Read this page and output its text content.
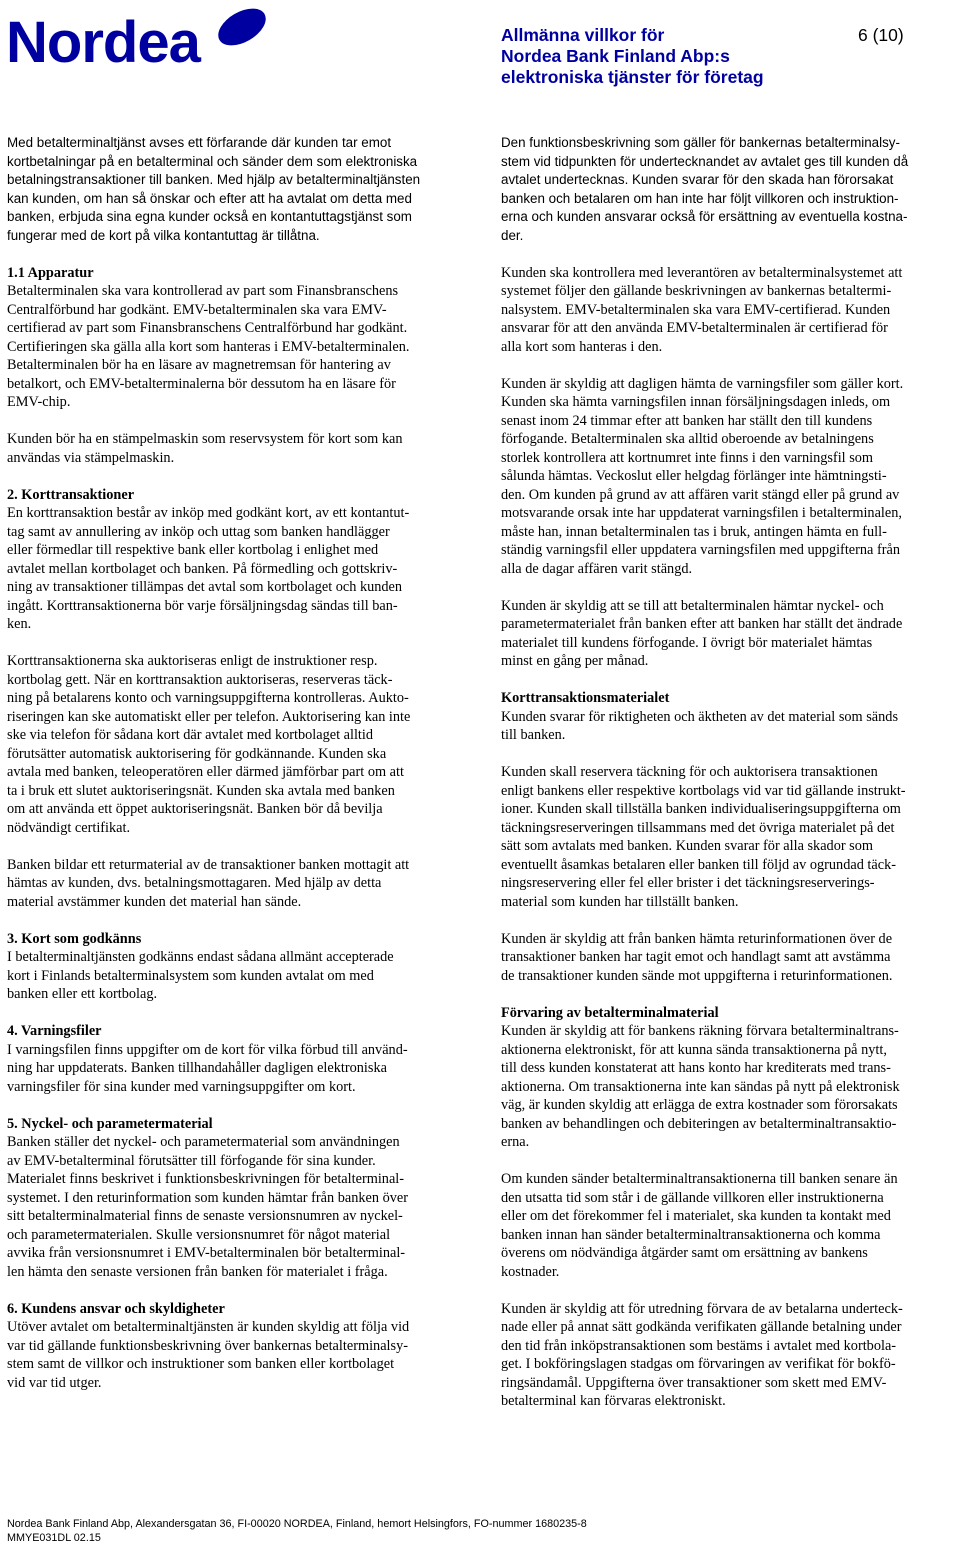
Nordea	Allmänna villkor för
Nordea Bank Finland Abp:s
elektroniska tjänster för företag
6 (10)
Med betalterminaltjänst avses ett förfarande där kunden tar emot
kortbetalningar på en betalterminal och sänder dem som elektroniska
betalningstransaktioner till banken. Med hjälp av betalterminaltjänsten
kan kunden, om han så önskar och efter att ha avtalat om detta med
banken, erbjuda sina egna kunder också en kontantuttagstjänst som
fungerar med de kort på vilka kontantuttag är tillåtna.
1.1 Apparatur
Betalterminalen ska vara kontrollerad av part som Finansbranschens
Centralförbund har godkänt. EMV-betalterminalen ska vara EMV-
certifierad av part som Finansbranschens Centralförbund har godkänt.
Certifieringen ska gälla alla kort som hanteras i EMV-betalterminalen.
Betalterminalen bör ha en läsare av magnetremsan för hantering av
betalkort, och EMV-betalterminalerna bör dessutom ha en läsare för
EMV-chip.
Kunden bör ha en stämpelmaskin som reservsystem för kort som kan
användas via stämpelmaskin.
2. Korttransaktioner
En korttransaktion består av inköp med godkänt kort, av ett kontantut-
tag samt av annullering av inköp och uttag som banken handlägger
eller förmedlar till respektive bank eller kortbolag i enlighet med
avtalet mellan kortbolaget och banken. På förmedling och gottskriv-
ning av transaktioner tillämpas det avtal som kortbolaget och kunden
ingått. Korttransaktionerna bör varje försäljningsdag sändas till ban-
ken.
Korttransaktionerna ska auktoriseras enligt de instruktioner resp.
kortbolag gett. När en korttransaktion auktoriseras, reserveras täck-
ning på betalarens konto och varningsuppgifterna kontrolleras. Aukto-
riseringen kan ske automatiskt eller per telefon. Auktorisering kan inte
ske via telefon för sådana kort där avtalet med kortbolaget alltid
förutsätter automatisk auktorisering för godkännande. Kunden ska
avtala med banken, teleoperatören eller därmed jämförbar part om att
ta i bruk ett slutet auktoriseringsnät. Kunden ska avtala med banken
om att använda ett öppet auktoriseringsnät. Banken bör då bevilja
nödvändigt certifikat.
Banken bildar ett returmaterial av de transaktioner banken mottagit att
hämtas av kunden, dvs. betalningsmottagaren. Med hjälp av detta
material avstämmer kunden det material han sände.
3. Kort som godkänns
I betalterminaltjänsten godkänns endast sådana allmänt accepterade
kort i Finlands betalterminalsystem som kunden avtalat om med
banken eller ett kortbolag.
4. Varningsfiler
I varningsfilen finns uppgifter om de kort för vilka förbud till använd-
ning har uppdaterats. Banken tillhandahåller dagligen elektroniska
varningsfiler för sina kunder med varningsuppgifter om kort.
5. Nyckel- och parametermaterial
Banken ställer det nyckel- och parametermaterial som användningen
av EMV-betalterminal förutsätter till förfogande för sina kunder.
Materialet finns beskrivet i funktionsbeskrivningen för betalterminal-
systemet. I den returinformation som kunden hämtar från banken över
sitt betalterminalmaterial finns de senaste versionsnumren av nyckel-
och parametermaterialen. Skulle versionsnumret för något material
avvika från versionsnumret i EMV-betalterminalen bör betalterminal-
len hämta den senaste versionen från banken för materialet i fråga.
6. Kundens ansvar och skyldigheter
Utöver avtalet om betalterminaltjänsten är kunden skyldig att följa vid
var tid gällande funktionsbeskrivning över bankernas betalterminalsy-
stem samt de villkor och instruktioner som banken eller kortbolaget
vid var tid utger.
Den funktionsbeskrivning som gäller för bankernas betalterminalsy-
stem vid tidpunkten för undertecknandet av avtalet ges till kunden då
avtalet undertecknas. Kunden svarar för den skada han förorsakat
banken och betalaren om han inte har följt villkoren och instruktion-
erna och kunden ansvarar också för ersättning av eventuella kostna-
der.
Kunden ska kontrollera med leverantören av betalterminalsystemet att
systemet följer den gällande beskrivningen av bankernas betaltermi-
nalsystem. EMV-betalterminalen ska vara EMV-certifierad. Kunden
ansvarar för att den använda EMV-betalterminalen är certifierad för
alla kort som hanteras i den.
Kunden är skyldig att dagligen hämta de varningsfiler som gäller kort.
Kunden ska hämta varningsfilen innan försäljningsdagen inleds, om
senast inom 24 timmar efter att banken har ställt den till kundens
förfogande. Betalterminalen ska alltid oberoende av betalningens
storlek kontrollera att kortnumret inte finns i den varningsfil som
sålunda hämtas. Veckoslut eller helgdag förlänger inte hämtningsti-
den. Om kunden på grund av att affären varit stängd eller på grund av
motsvarande orsak inte har uppdaterat varningsfilen i betalterminalen,
måste han, innan betalterminalen tas i bruk, antingen hämta en full-
ständig varningsfil eller uppdatera varningsfilen med uppgifterna från
alla de dagar affären varit stängd.
Kunden är skyldig att se till att betalterminalen hämtar nyckel- och
parametermaterialet från banken efter att banken har ställt det ändrade
materialet till kundens förfogande. I övrigt bör materialet hämtas
minst en gång per månad.
Korttransaktionsmaterialet
Kunden svarar för riktigheten och äktheten av det material som sänds
till banken.
Kunden skall reservera täckning för och auktorisera transaktionen
enligt bankens eller respektive kortbolags vid var tid gällande instrukt-
ioner. Kunden skall tillställa banken individualiseringsuppgifterna om
täckningsreserveringen tillsammans med det övriga materialet på det
sätt som avtalats med banken. Kunden svarar för alla skador som
eventuellt åsamkas betalaren eller banken till följd av ogrundad täck-
ningsreservering eller fel eller brister i det täckningsreserverings-
material som kunden har tillställt banken.
Kunden är skyldig att från banken hämta returinformationen över de
transaktioner banken har tagit emot och handlagt samt att avstämma
de transaktioner kunden sände mot uppgifterna i returinformationen.
Förvaring av betalterminalmaterial
Kunden är skyldig att för bankens räkning förvara betalterminaltrans-
aktionerna elektroniskt, för att kunna sända transaktionerna på nytt,
till dess kunden konstaterat att hans konto har krediterats med trans-
aktionerna. Om transaktionerna inte kan sändas på nytt på elektronisk
väg, är kunden skyldig att erlägga de extra kostnader som förorsakats
banken av behandlingen och debiteringen av betalterminaltransaktio-
erna.
Om kunden sänder betalterminaltransaktionerna till banken senare än
den utsatta tid som står i de gällande villkoren eller instruktionerna
eller om det förekommer fel i materialet, ska kunden ta kontakt med
banken innan han sänder betalterminaltransaktionerna och komma
överens om nödvändiga åtgärder samt om ersättning av bankens
kostnader.
Kunden är skyldig att för utredning förvara de av betalarna underteck-
nade eller på annat sätt godkända verifikaten gällande betalning under
den tid från inköpstransaktionen som bestäms i avtalet med kortbola-
get. I bokföringslagen stadgas om förvaringen av verifikat för bokfö-
ringsändamål. Uppgifterna över transaktioner som skett med EMV-
betalterminal kan förvaras elektroniskt.
Nordea Bank Finland Abp, Alexandersgatan 36, FI-00020 NORDEA, Finland, hemort Helsingfors, FO-nummer 1680235-8
MMYE031DL 02.15
